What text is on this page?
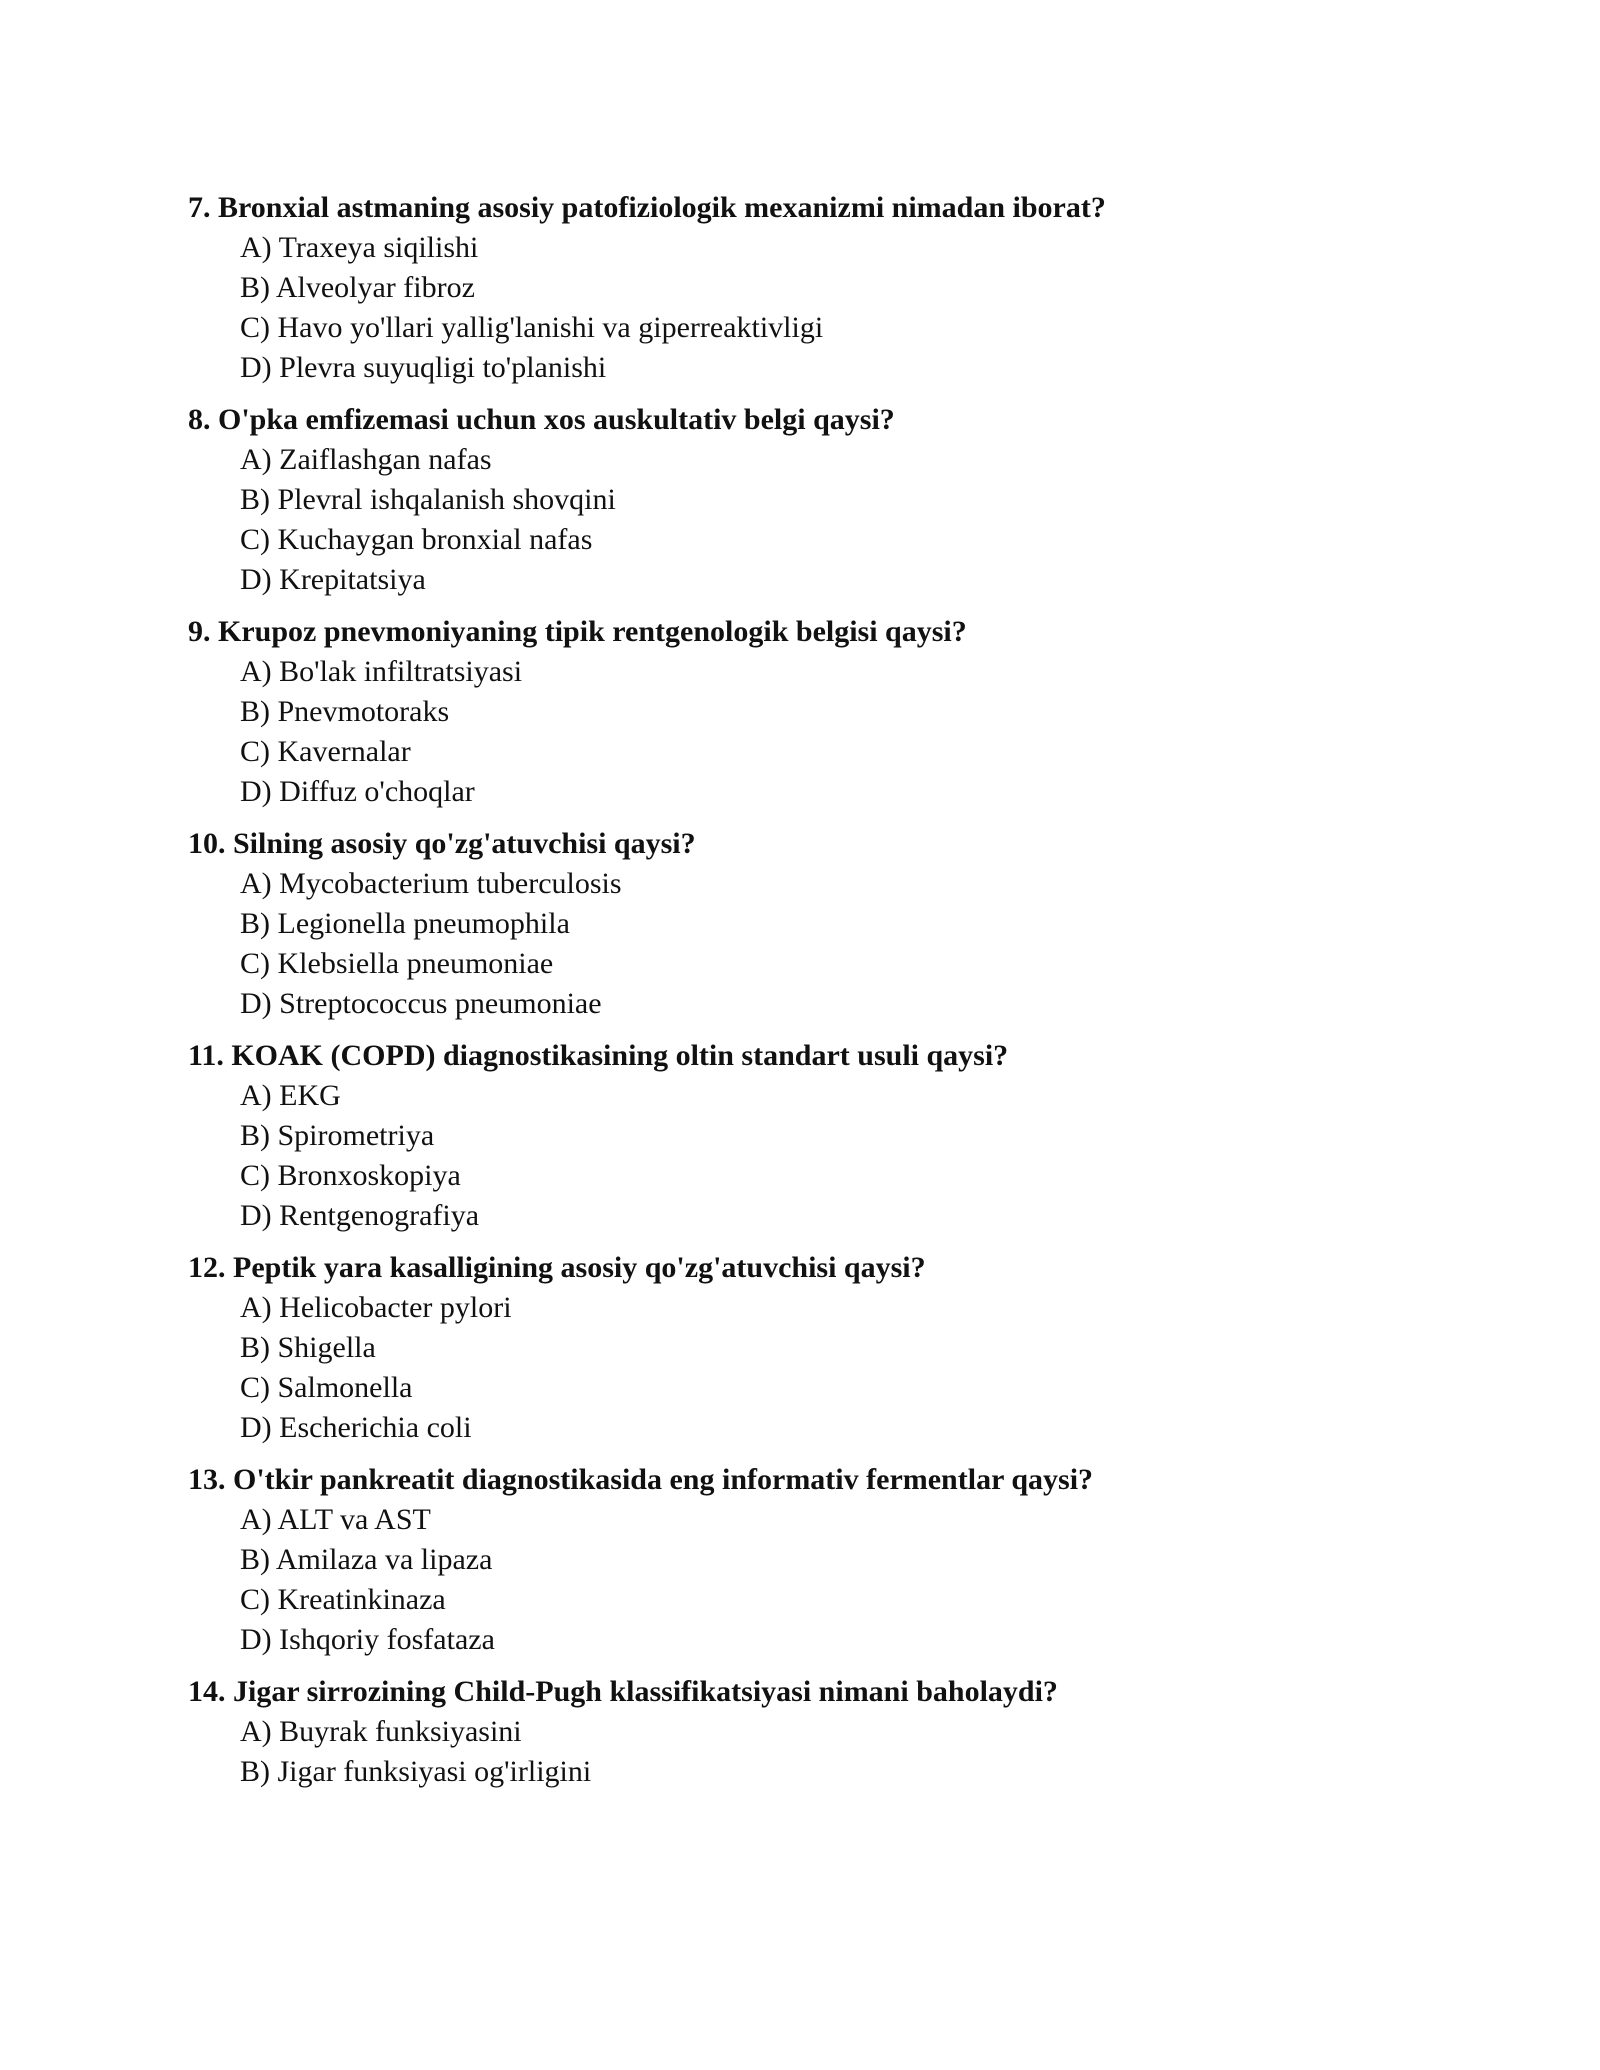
7. Bronxial astmaning asosiy patofiziologik mexanizmi nimadan iborat?
A) Traxeya siqilishi
B) Alveolyar fibroz
C) Havo yo'llari yallig'lanishi va giperreaktivligi
D) Plevra suyuqligi to'planishi
8. O'pka emfizemasi uchun xos auskultativ belgi qaysi?
A) Zaiflashgan nafas
B) Plevral ishqalanish shovqini
C) Kuchaygan bronxial nafas
D) Krepitatsiya
9. Krupoz pnevmoniyaning tipik rentgenologik belgisi qaysi?
A) Bo'lak infiltratsiyasi
B) Pnevmotoraks
C) Kavernalar
D) Diffuz o'choqlar
10. Silning asosiy qo'zg'atuvchisi qaysi?
A) Mycobacterium tuberculosis
B) Legionella pneumophila
C) Klebsiella pneumoniae
D) Streptococcus pneumoniae
11. KOAK (COPD) diagnostikasining oltin standart usuli qaysi?
A) EKG
B) Spirometriya
C) Bronxoskopiya
D) Rentgenografiya
12. Peptik yara kasalligining asosiy qo'zg'atuvchisi qaysi?
A) Helicobacter pylori
B) Shigella
C) Salmonella
D) Escherichia coli
13. O'tkir pankreatit diagnostikasida eng informativ fermentlar qaysi?
A) ALT va AST
B) Amilaza va lipaza
C) Kreatinkinaza
D) Ishqoriy fosfataza
14. Jigar sirrozining Child-Pugh klassifikatsiyasi nimani baholaydi?
A) Buyrak funksiyasini
B) Jigar funksiyasi og'irligini
